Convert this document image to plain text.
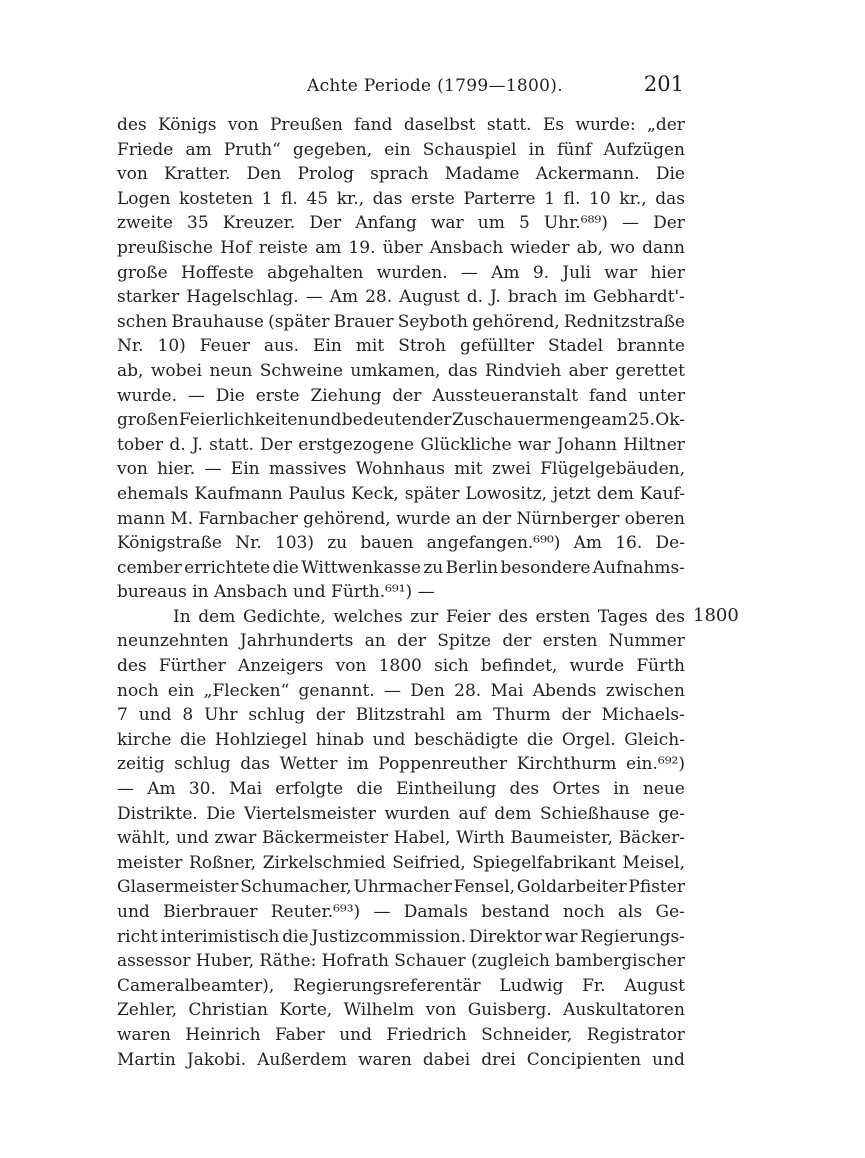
Achte Periode (1799—1800).	201
des Königs von Preußen fand daselbst statt. Es wurde: „der
Friede am Pruth“ gegeben, ein Schauspiel in fünf Aufzügen
von Kratter. Den Prolog sprach Madame Ackermann. Die
Logen kosteten 1 fl. 45 kr., das erste Parterre 1 fl. 10 kr., das
zweite 35 Kreuzer. Der Anfang war um 5 Uhr.⁶⁸⁹) — Der
preußische Hof reiste am 19. über Ansbach wieder ab, wo dann
große Hoffeste abgehalten wurden. — Am 9. Juli war hier
starker Hagelschlag. — Am 28. August d. J. brach im Gebhardt'-
schen Brauhause (später Brauer Seyboth gehörend, Rednitzstraße
Nr. 10) Feuer aus. Ein mit Stroh gefüllter Stadel brannte
ab, wobei neun Schweine umkamen, das Rindvieh aber gerettet
wurde. — Die erste Ziehung der Aussteueranstalt fand unter
großen Feierlichkeiten und bedeutender Zuschauermenge am 25. Ok-
tober d. J. statt. Der erstgezogene Glückliche war Johann Hiltner
von hier. — Ein massives Wohnhaus mit zwei Flügelgebäuden,
ehemals Kaufmann Paulus Keck, später Lowositz, jetzt dem Kauf-
mann M. Farnbacher gehörend, wurde an der Nürnberger oberen
Königstraße Nr. 103) zu bauen angefangen.⁶⁹⁰) Am 16. De-
cember errichtete die Wittwenkasse zu Berlin besondere Aufnahms-
bureaus in Ansbach und Fürth.⁶⁹¹) —
In dem Gedichte, welches zur Feier des ersten Tages des
neunzehnten Jahrhunderts an der Spitze der ersten Nummer
des Fürther Anzeigers von 1800 sich befindet, wurde Fürth
noch ein „Flecken“ genannt. — Den 28. Mai Abends zwischen
7 und 8 Uhr schlug der Blitzstrahl am Thurm der Michaels-
kirche die Hohlziegel hinab und beschädigte die Orgel. Gleich-
zeitig schlug das Wetter im Poppenreuther Kirchthurm ein.⁶⁹²)
— Am 30. Mai erfolgte die Eintheilung des Ortes in neue
Distrikte. Die Viertelsmeister wurden auf dem Schießhause ge-
wählt, und zwar Bäckermeister Habel, Wirth Baumeister, Bäcker-
meister Roßner, Zirkelschmied Seifried, Spiegelfabrikant Meisel,
Glasermeister Schumacher, Uhrmacher Fensel, Goldarbeiter Pfister
und Bierbrauer Reuter.⁶⁹³) — Damals bestand noch als Ge-
richt interimistisch die Justizcommission. Direktor war Regierungs-
assessor Huber, Räthe: Hofrath Schauer (zugleich bambergischer
Cameralbeamter), Regierungsreferentär Ludwig Fr. August
Zehler, Christian Korte, Wilhelm von Guisberg. Auskultatoren
waren Heinrich Faber und Friedrich Schneider, Registrator
Martin Jakobi. Außerdem waren dabei drei Concipienten und
1800
